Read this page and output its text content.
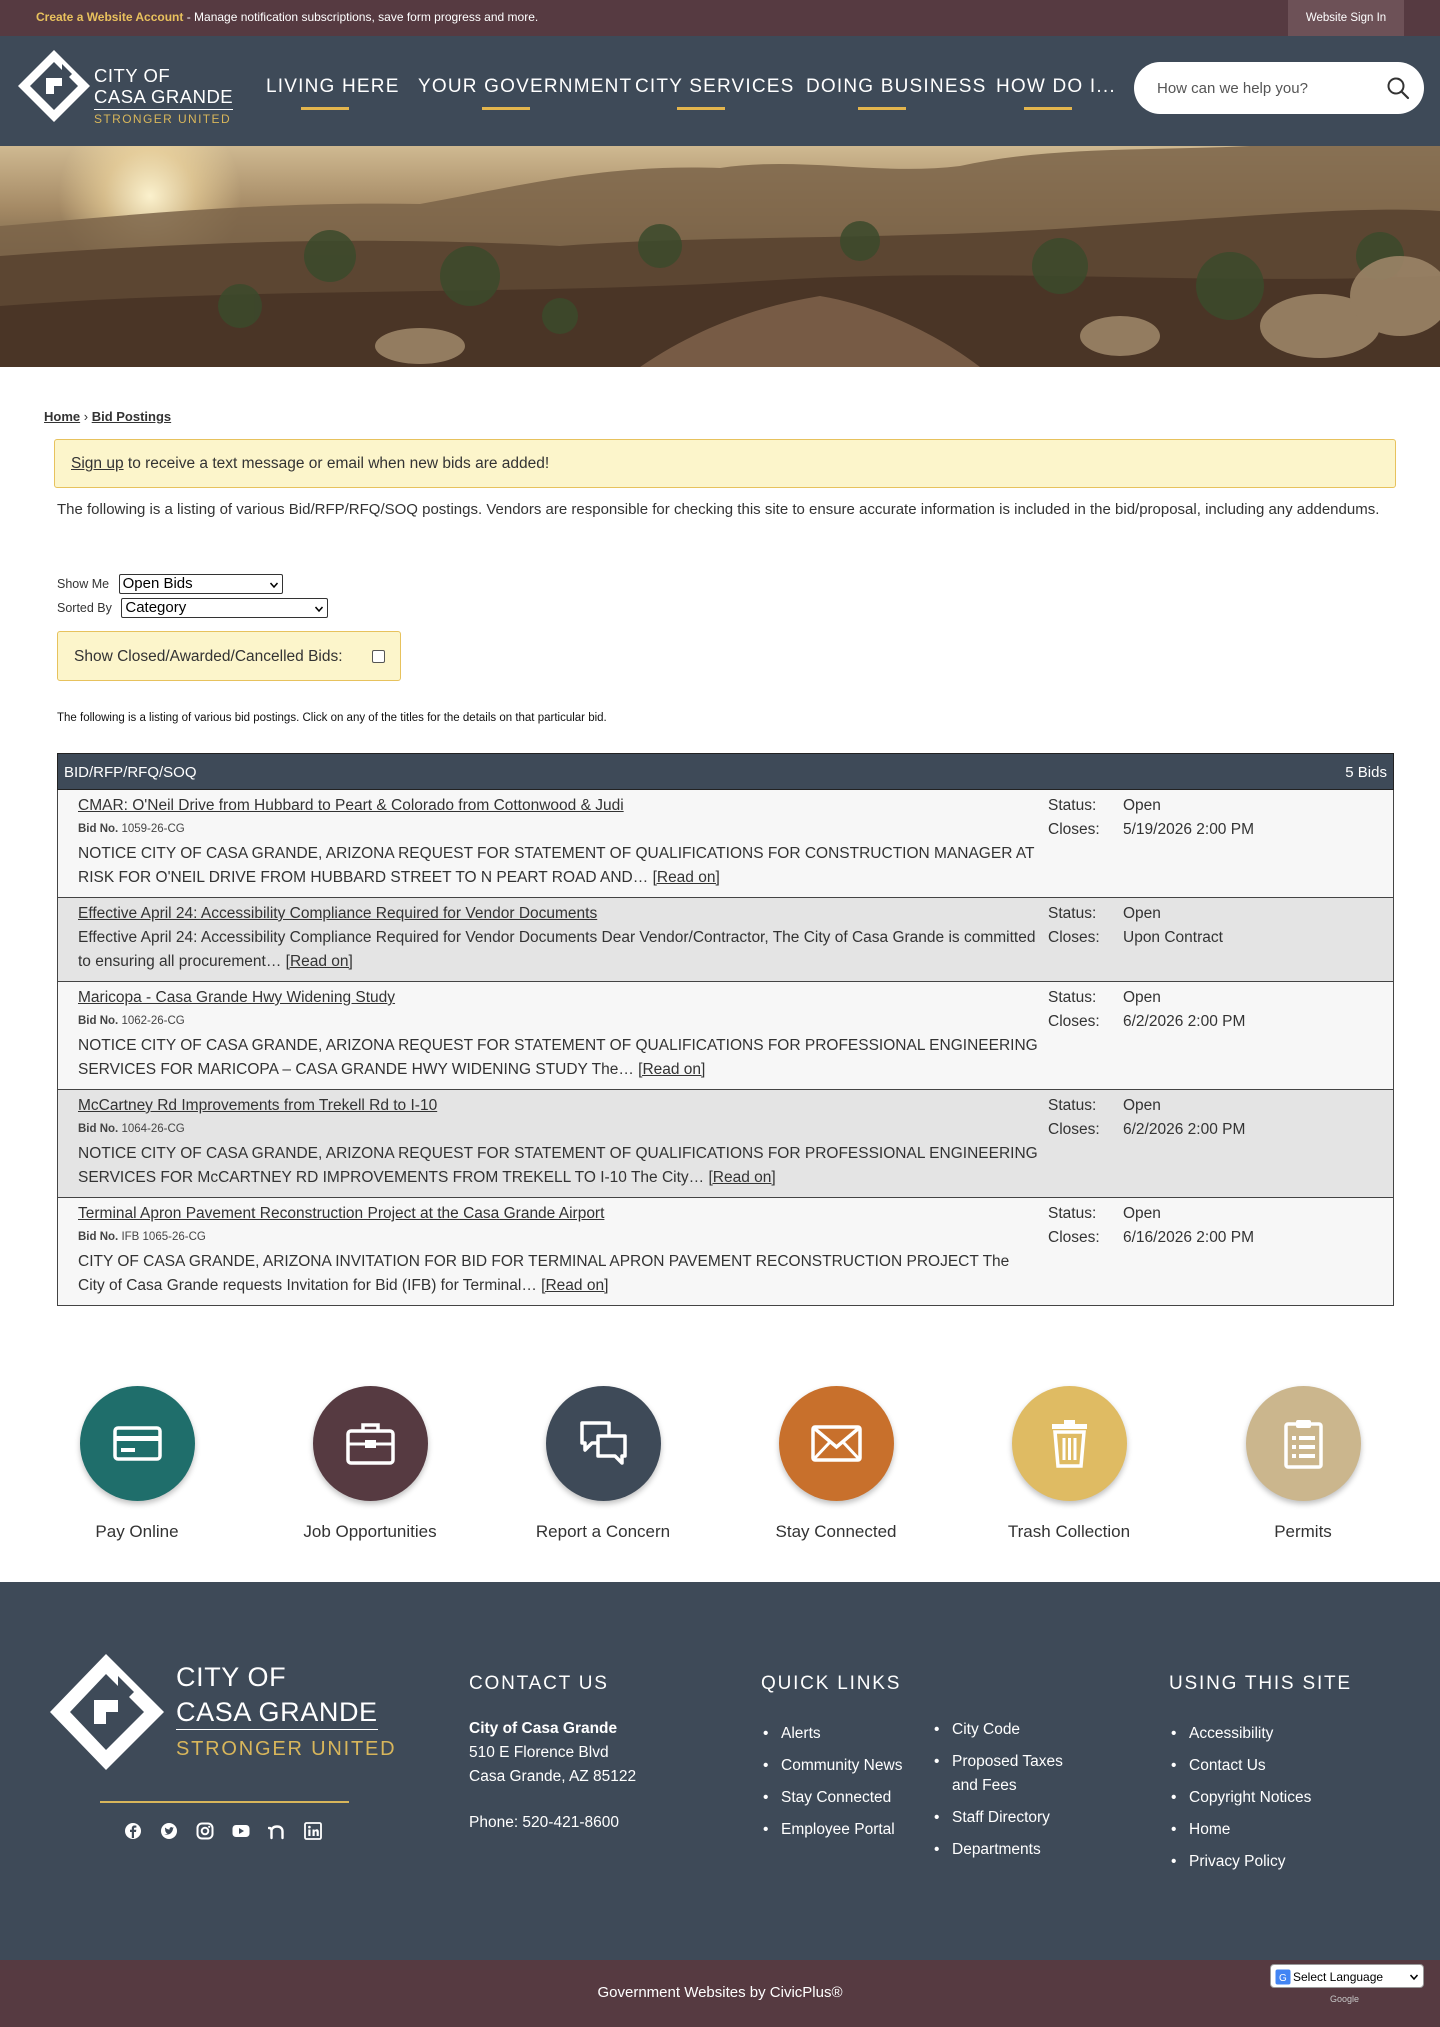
Create a Website Account - Manage notification subscriptions, save form progress and more.	Website Sign In
CITY OF
CASA GRANDE
STRONGER UNITED
LIVING HERE YOUR GOVERNMENT CITY SERVICES DOING BUSINESS HOW DO I...	How can we help you?
Home › Bid Postings
Sign up to receive a text message or email when new bids are added!
The following is a listing of various Bid/RFP/RFQ/SOQ postings. Vendors are responsible for checking this site to ensure accurate information is included in the bid/proposal, including any addendums.
Show Me Open Bids
Sorted By Category
Show Closed/Awarded/Cancelled Bids:
The following is a listing of various bid postings. Click on any of the titles for the details on that particular bid.
BID/RFP/RFQ/SOQ	5 Bids
CMAR: O'Neil Drive from Hubbard to Peart & Colorado from Cottonwood & Judi
Bid No. 1059-26-CG
NOTICE CITY OF CASA GRANDE, ARIZONA REQUEST FOR STATEMENT OF QUALIFICATIONS FOR CONSTRUCTION MANAGER AT RISK FOR O'NEIL DRIVE FROM HUBBARD STREET TO N PEART ROAD AND… [Read on]
Status: Open
Closes: 5/19/2026 2:00 PM
Effective April 24: Accessibility Compliance Required for Vendor Documents
Effective April 24: Accessibility Compliance Required for Vendor Documents Dear Vendor/Contractor, The City of Casa Grande is committed to ensuring all procurement… [Read on]
Status: Open
Closes: Upon Contract
Maricopa - Casa Grande Hwy Widening Study
Bid No. 1062-26-CG
NOTICE CITY OF CASA GRANDE, ARIZONA REQUEST FOR STATEMENT OF QUALIFICATIONS FOR PROFESSIONAL ENGINEERING SERVICES FOR MARICOPA – CASA GRANDE HWY WIDENING STUDY The… [Read on]
Status: Open
Closes: 6/2/2026 2:00 PM
McCartney Rd Improvements from Trekell Rd to I-10
Bid No. 1064-26-CG
NOTICE CITY OF CASA GRANDE, ARIZONA REQUEST FOR STATEMENT OF QUALIFICATIONS FOR PROFESSIONAL ENGINEERING SERVICES FOR McCARTNEY RD IMPROVEMENTS FROM TREKELL TO I-10 The City… [Read on]
Status: Open
Closes: 6/2/2026 2:00 PM
Terminal Apron Pavement Reconstruction Project at the Casa Grande Airport
Bid No. IFB 1065-26-CG
CITY OF CASA GRANDE, ARIZONA INVITATION FOR BID FOR TERMINAL APRON PAVEMENT RECONSTRUCTION PROJECT The City of Casa Grande requests Invitation for Bid (IFB) for Terminal… [Read on]
Status: Open
Closes: 6/16/2026 2:00 PM
Pay Online	Job Opportunities	Report a Concern	Stay Connected	Trash Collection	Permits
CITY OF
CASA GRANDE
STRONGER UNITED
CONTACT US
City of Casa Grande
510 E Florence Blvd
Casa Grande, AZ 85122

Phone: 520-421-8600
QUICK LINKS
• Alerts
• Community News
• Stay Connected
• Employee Portal
• City Code
• Proposed Taxes and Fees
• Staff Directory
• Departments
USING THIS SITE
• Accessibility
• Contact Us
• Copyright Notices
• Home
• Privacy Policy
Government Websites by CivicPlus®
G Select Language
Google
